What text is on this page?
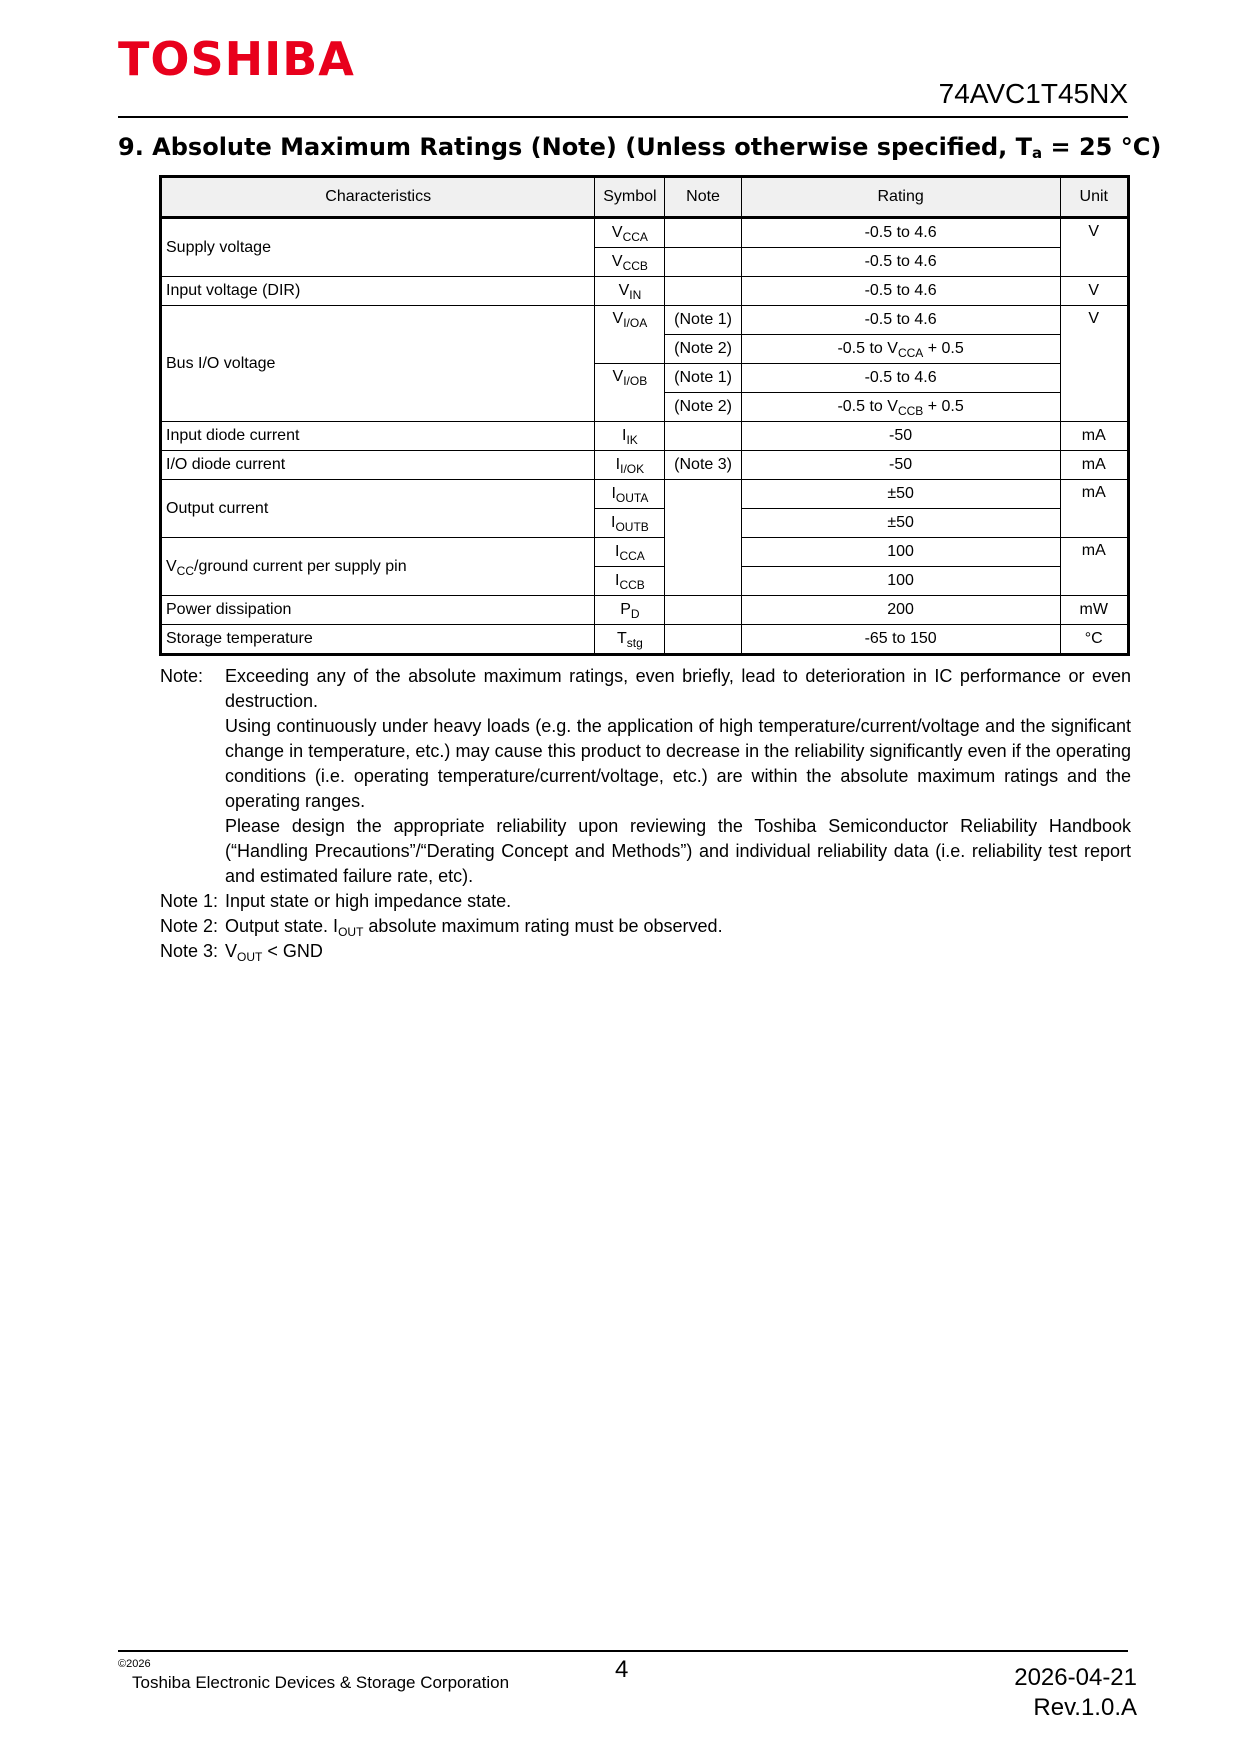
TOSHIBA
74AVC1T45NX
9. Absolute Maximum Ratings (Note) (Unless otherwise specified, $T_a = 25$ °C)
Characteristics	Symbol	Note	Rating	Unit
Supply voltage	$V_{CCA}$		-0.5 to 4.6	V
	$V_{CCB}$		-0.5 to 4.6	
Input voltage (DIR)	$V_{IN}$		-0.5 to 4.6	V
Bus I/O voltage	$V_{I/OA}$	(Note 1)	-0.5 to 4.6	V
		(Note 2)	-0.5 to $V_{CCA} + 0.5$	
	$V_{I/OB}$	(Note 1)	-0.5 to 4.6	
		(Note 2)	-0.5 to $V_{CCB} + 0.5$	
Input diode current	$I_{IK}$		-50	mA
I/O diode current	$I_{I/OK}$	(Note 3)	-50	mA
Output current	$I_{OUTA}$		±50	mA
	$I_{OUTB}$		±50	
$V_{CC}$/ground current per supply pin	$I_{CCA}$		100	mA
	$I_{CCB}$		100	
Power dissipation	$P_D$		200	mW
Storage temperature	$T_{stg}$		-65 to 150	°C
Note:	Exceeding any of the absolute maximum ratings, even briefly, lead to deterioration in IC performance or even destruction.
Using continuously under heavy loads (e.g. the application of high temperature/current/voltage and the significant change in temperature, etc.) may cause this product to decrease in the reliability significantly even if the operating conditions (i.e. operating temperature/current/voltage, etc.) are within the absolute maximum ratings and the operating ranges.
Please design the appropriate reliability upon reviewing the Toshiba Semiconductor Reliability Handbook (“Handling Precautions”/“Derating Concept and Methods”) and individual reliability data (i.e. reliability test report and estimated failure rate, etc).
Note 1: Input state or high impedance state.
Note 2: Output state. $I_{OUT}$ absolute maximum rating must be observed.
Note 3: $V_{OUT}$ < GND
©2026
Toshiba Electronic Devices & Storage Corporation	4	2026-04-21
Rev.1.0.A
